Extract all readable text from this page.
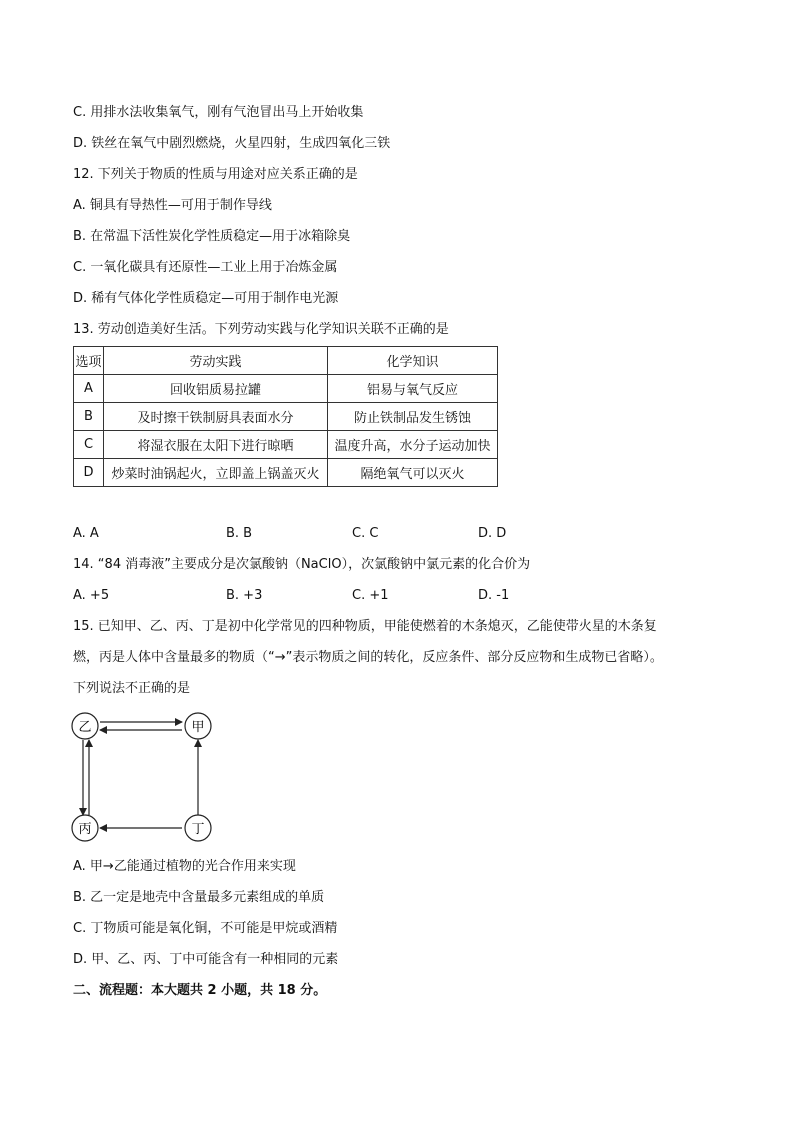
C. 用排水法收集氧气，刚有气泡冒出马上开始收集
D. 铁丝在氧气中剧烈燃烧，火星四射，生成四氧化三铁
12. 下列关于物质的性质与用途对应关系正确的是
A. 铜具有导热性—可用于制作导线
B. 在常温下活性炭化学性质稳定—用于冰箱除臭
C. 一氧化碳具有还原性—工业上用于冶炼金属
D. 稀有气体化学性质稳定—可用于制作电光源
13. 劳动创造美好生活。下列劳动实践与化学知识关联不正确的是
选项	劳动实践	化学知识
A	回收铝质易拉罐	铝易与氧气反应
B	及时擦干铁制厨具表面水分	防止铁制品发生锈蚀
C	将湿衣服在太阳下进行晾晒	温度升高，水分子运动加快
D	炒菜时油锅起火，立即盖上锅盖灭火	隔绝氧气可以灭火
A. A	B. B	C. C	D. D
14. “84 消毒液”主要成分是次氯酸钠（NaClO），次氯酸钠中氯元素的化合价为
A. +5	B. +3	C. +1	D. -1
15. 已知甲、乙、丙、丁是初中化学常见的四种物质，甲能使燃着的木条熄灭，乙能使带火星的木条复
燃，丙是人体中含量最多的物质（“→”表示物质之间的转化，反应条件、部分反应物和生成物已省略）。
下列说法不正确的是
乙	甲
丙	丁
A. 甲→乙能通过植物的光合作用来实现
B. 乙一定是地壳中含量最多元素组成的单质
C. 丁物质可能是氧化铜，不可能是甲烷或酒精
D. 甲、乙、丙、丁中可能含有一种相同的元素
二、流程题：本大题共 2 小题，共 18 分。
